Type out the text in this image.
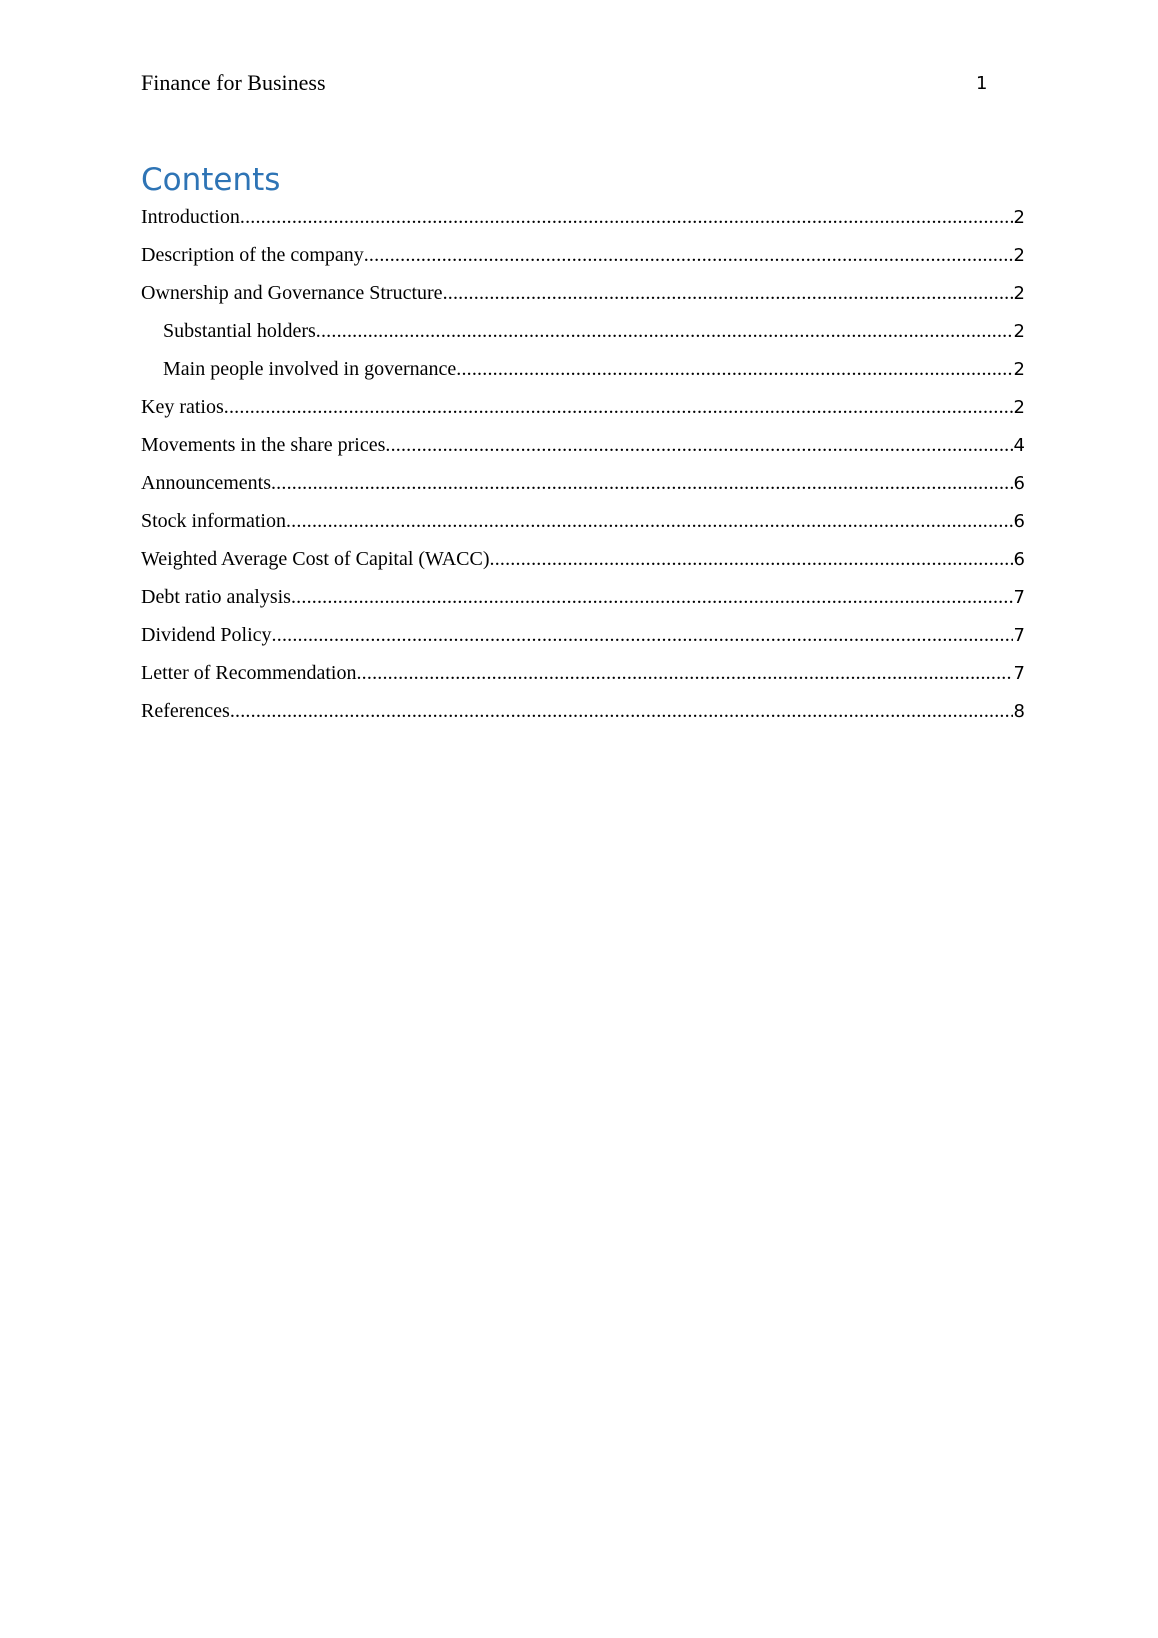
Finance for Business	1
Contents
Introduction .....	2
Description of the company .....	2
Ownership and Governance Structure .....	2
Substantial holders .....	2
Main people involved in governance .....	2
Key ratios .....	2
Movements in the share prices .....	4
Announcements .....	6
Stock information .....	6
Weighted Average Cost of Capital (WACC) .....	6
Debt ratio analysis .....	7
Dividend Policy .....	7
Letter of Recommendation .....	7
References .....	8
